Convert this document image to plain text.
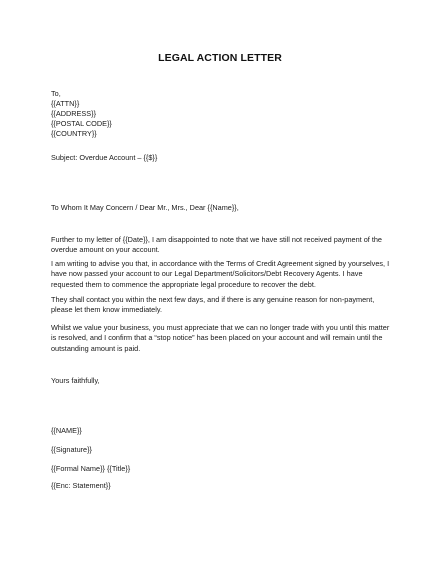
LEGAL ACTION LETTER
To,
{{ATTN}}
{{ADDRESS}}
{{POSTAL CODE}}
{{COUNTRY}}
Subject: Overdue Account – {{$}}
To Whom It May Concern / Dear Mr., Mrs., Dear {{Name}},
Further to my letter of {{Date}}, I am disappointed to note that we have still not received payment of the overdue amount on your account.
I am writing to advise you that, in accordance with the Terms of Credit Agreement signed by yourselves, I have now passed your account to our Legal Department/Solicitors/Debt Recovery Agents. I have requested them to commence the appropriate legal procedure to recover the debt.
They shall contact you within the next few days, and if there is any genuine reason for non-payment, please let them know immediately.
Whilst we value your business, you must appreciate that we can no longer trade with you until this matter is resolved, and I confirm that a “stop notice” has been placed on your account and will remain until the outstanding amount is paid.
Yours faithfully,
{{NAME}}
{{Signature}}
{{Formal Name}} {{Title}}
{{Enc: Statement}}
